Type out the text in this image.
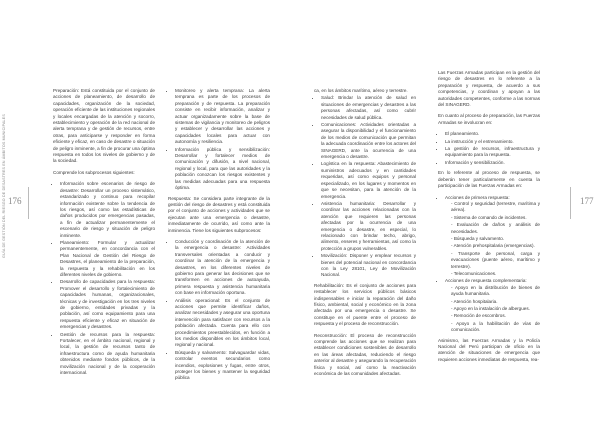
GUÍA DE GESTIÓN DEL RIESGO DE DESASTRES EN ÁMBITOS MUNICIPALES 176

Preparación: Está constituida por el conjunto de acciones de planeamiento, de desarrollo de capacidades, organización de la sociedad, operación eficiente de las instituciones regionales y locales encargadas de la atención y socorro, establecimiento y operación de la red nacional de alerta temprana y de gestión de recursos, entre otras, para anticiparse y responder en forma eficiente y eficaz, en caso de desastre o situación de peligro inminente, a fin de procurar una óptima respuesta en todos los niveles de gobierno y de la sociedad.

Comprende los subprocesos siguientes:

• Información sobre escenarios de riesgo de desastre: Desarrollar un proceso sistemático, estandarizado y continuo para recopilar información existente sobre la tendencia de los riesgos, así como las estadísticas de daños producidos por emergencias pasadas, a fin de actualizar permanentemente el escenario de riesgo y situación de peligro inminente.
• Planeamiento: Formular y actualizar permanentemente, en concordancia con el Plan Nacional de Gestión del Riesgo de Desastres, el planeamiento de la preparación, la respuesta y la rehabilitación en los diferentes niveles de gobierno.
• Desarrollo de capacidades para la respuesta: Promover el desarrollo y fortalecimiento de capacidades humanas, organizacionales, técnicas y de investigación en los tres niveles de gobierno, entidades privadas y la población, así como equipamiento para una respuesta eficiente y eficaz en situación de emergencias y desastres.
• Gestión de recursos para la respuesta: Fortalecer, en el ámbito nacional, regional y local, la gestión de recursos tanto de infraestructura como de ayuda humanitaria obtenidos mediante fondos públicos, de la movilización nacional y de la cooperación internacional.
• Monitoreo y alerta temprana: La alerta temprana es parte de los procesos de preparación y de respuesta. La preparación consiste en recibir información, analizar y actuar organizadamente sobre la base de sistemas de vigilancia y monitoreo de peligros y establecer y desarrollar las acciones y capacidades locales para actuar con autonomía y resiliencia.
• Información pública y sensibilización: Desarrollar y fortalecer medios de comunicación y difusión, a nivel nacional, regional y local, para que las autoridades y la población conozcan los riesgos existentes y las medidas adecuadas para una respuesta óptima.

Respuesta: Se considera parte integrante de la gestión del riesgo de desastres y está constituida por el conjunto de acciones y actividades que se ejecutan ante una emergencia o desastre, inmediatamente de ocurrido, así como ante la inminencia. Tiene los siguientes subprocesos:

• Conducción y coordinación de la atención de la emergencia o desastre: Actividades transversales orientadas a conducir y coordinar la atención de la emergencia y desastres, en los diferentes niveles de gobierno para generar las decisiones que se transformen en acciones de autoayuda, primera respuesta y asistencia humanitaria con base en información oportuna.
• Análisis operacional: Es el conjunto de acciones que permite identificar daños, analizar necesidades y asegurar una oportuna intervención para satisfacer con recursos a la población afectada. Cuenta para ello con procedimientos preestablecidos, en función a los medios disponibles en los ámbitos local, regional y nacional.
• Búsqueda y salvamento: Salvaguardar vidas, controlar eventos secundarios como incendios, explosiones y fugas, entre otros, proteger los bienes y mantener la seguridad pública

ca, en los ámbitos marítimo, aéreo y terrestre.

• Salud: Brindar la atención de salud en situaciones de emergencias y desastres a las personas afectadas, así como cubrir necesidades de salud pública.
• Comunicaciones: Actividades orientadas a asegurar la disponibilidad y el funcionamiento de los medios de comunicación que permitan la adecuada coordinación entre los actores del SINAGERD, ante la ocurrencia de una emergencia o desastre.
• Logística en la respuesta: Abastecimiento de suministros adecuados y en cantidades requeridas, así como equipos y personal especializado, en los lugares y momentos en que se necesitan, para la atención de la emergencia.
• Asistencia humanitaria: Desarrollar y coordinar las acciones relacionadas con la atención que requieren las personas afectadas por la ocurrencia de una emergencia o desastre, en especial, lo relacionado con brindar techo, abrigo, alimento, enseres y herramientas, así como la protección a grupos vulnerables.
• Movilización: Disponer y emplear recursos y bienes del potencial nacional en concordancia con la Ley 28101, Ley de Movilización Nacional.

Rehabilitación: Es el conjunto de acciones para restablecer los servicios públicos básicos indispensables e iniciar la reparación del daño físico, ambiental, social y económico en la zona afectada por una emergencia o desastre. Se constituye en el puente entre el proceso de respuesta y el proceso de reconstrucción.

Reconstrucción: El proceso de reconstrucción comprende las acciones que se realizan para establecer condiciones sostenibles de desarrollo en las áreas afectadas, reduciendo el riesgo anterior al desastre y asegurando la recuperación física y social, así como la reactivación económica de las comunidades afectadas.

Las Fuerzas Armadas participan en la gestión del riesgo de desastres en lo referente a la preparación y respuesta, de acuerdo a sus competencias, y coordinan y apoyan a las autoridades competentes, conforme a las normas del SINAGERD.

En cuanto al proceso de preparación, las Fuerzas Armadas se involucran en:

• El planeamiento.
• La instrucción y el entrenamiento.
• La gestión de recursos, infraestructura y equipamiento para la respuesta.
• Información y sensibilización.

En lo referente al proceso de respuesta, se deberán tener particularmente en cuenta la participación de las Fuerzas Armadas en:

• Acciones de primera respuesta:
- Control y seguridad (terrestre, marítima y aérea).
- Sistema de comando de incidentes.
- Evaluación de daños y análisis de necesidades.
- Búsqueda y salvamento.
- Atención prehospitalaria (emergencias).
- Transporte de personal, carga y evacuaciones (puente aéreo, marítimo y terrestre).
- Telecomunicaciones.
• Acciones de respuesta complementaria:
- Apoyo en la distribución de bienes de ayuda humanitaria.
- Atención hospitalaria.
- Apoyo en la instalación de albergues.
- Remoción de escombros.
- Apoyo a la habilitación de vías de comunicación.

Asimismo, las Fuerzas Armadas y la Policía Nacional del Perú participan de oficio en la atención de situaciones de emergencia que requieren acciones inmediatas de respuesta, rea-

177
